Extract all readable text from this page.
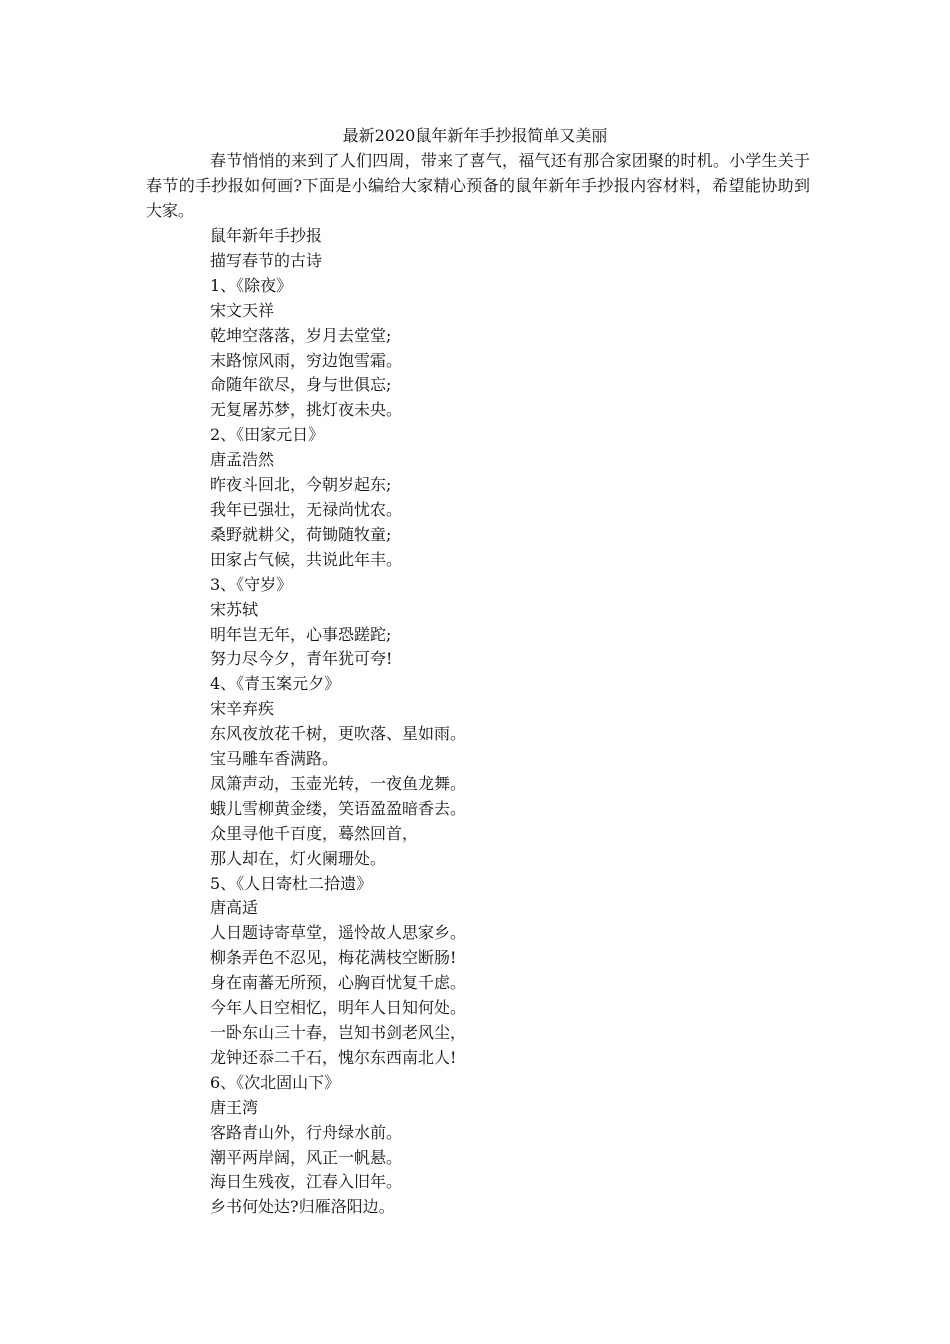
最新2020鼠年新年手抄报简单又美丽

春节悄悄的来到了人们四周，带来了喜气，福气还有那合家团聚的时机。小学生关于春节的手抄报如何画?下面是小编给大家精心预备的鼠年新年手抄报内容材料，希望能协助到大家。

鼠年新年手抄报
描写春节的古诗
1、《除夜》
宋文天祥
乾坤空落落，岁月去堂堂;
末路惊风雨，穷边饱雪霜。
命随年欲尽，身与世俱忘;
无复屠苏梦，挑灯夜未央。
2、《田家元日》
唐孟浩然
昨夜斗回北，今朝岁起东;
我年已强壮，无禄尚忧农。
桑野就耕父，荷锄随牧童;
田家占气候，共说此年丰。
3、《守岁》
宋苏轼
明年岂无年，心事恐蹉跎;
努力尽今夕，青年犹可夸!
4、《青玉案元夕》
宋辛弃疾
东风夜放花千树，更吹落、星如雨。
宝马雕车香满路。
凤箫声动，玉壶光转，一夜鱼龙舞。
蛾儿雪柳黄金缕，笑语盈盈暗香去。
众里寻他千百度，蓦然回首，
那人却在，灯火阑珊处。
5、《人日寄杜二拾遗》
唐高适
人日题诗寄草堂，遥怜故人思家乡。
柳条弄色不忍见，梅花满枝空断肠!
身在南蕃无所预，心胸百忧复千虑。
今年人日空相忆，明年人日知何处。
一卧东山三十春，岂知书剑老风尘，
龙钟还忝二千石，愧尔东西南北人!
6、《次北固山下》
唐王湾
客路青山外，行舟绿水前。
潮平两岸阔，风正一帆悬。
海日生残夜，江春入旧年。
乡书何处达?归雁洛阳边。
